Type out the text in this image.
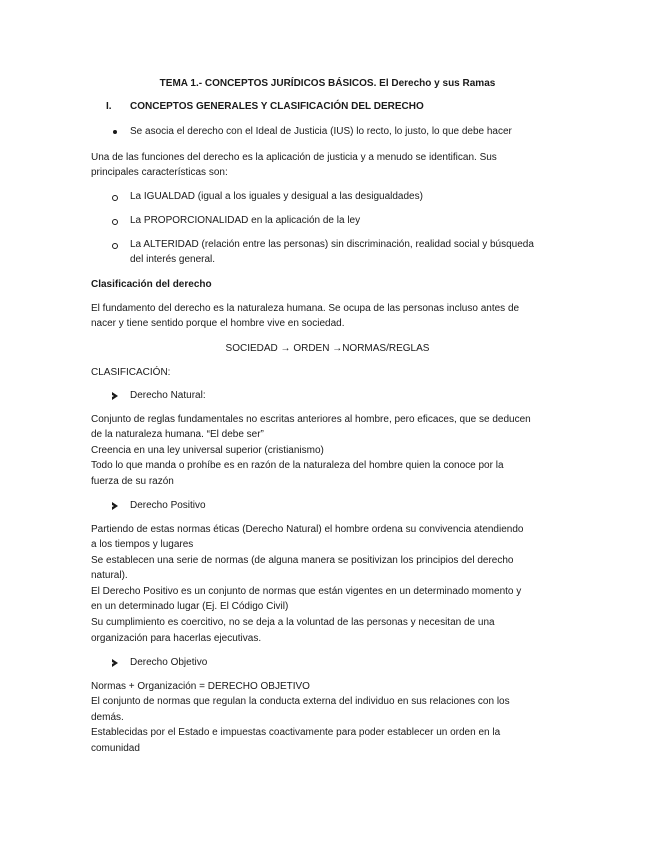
TEMA 1.- CONCEPTOS JURÍDICOS BÁSICOS. El Derecho y sus Ramas
I. CONCEPTOS GENERALES Y CLASIFICACIÓN DEL DERECHO
Se asocia el derecho con el Ideal de Justicia (IUS) lo recto, lo justo, lo que debe hacer
Una de las funciones del derecho es la aplicación de justicia y a menudo se identifican. Sus
principales características son:
La IGUALDAD (igual a los iguales y desigual a las desigualdades)
La PROPORCIONALIDAD en la aplicación de la ley
La ALTERIDAD (relación entre las personas) sin discriminación, realidad social y búsqueda
del interés general.
Clasificación del derecho
El fundamento del derecho es la naturaleza humana. Se ocupa de las personas incluso antes de
nacer y tiene sentido porque el hombre vive en sociedad.
SOCIEDAD → ORDEN →NORMAS/REGLAS
CLASIFICACIÓN:
Derecho Natural:
Conjunto de reglas fundamentales no escritas anteriores al hombre, pero eficaces, que se deducen
de la naturaleza humana. “El debe ser”
Creencia en una ley universal superior (cristianismo)
Todo lo que manda o prohíbe es en razón de la naturaleza del hombre quien la conoce por la
fuerza de su razón
Derecho Positivo
Partiendo de estas normas éticas (Derecho Natural) el hombre ordena su convivencia atendiendo
a los tiempos y lugares
Se establecen una serie de normas (de alguna manera se positivizan los principios del derecho
natural).
El Derecho Positivo es un conjunto de normas que están vigentes en un determinado momento y
en un determinado lugar (Ej. El Código Civil)
Su cumplimiento es coercitivo, no se deja a la voluntad de las personas y necesitan de una
organización para hacerlas ejecutivas.
Derecho Objetivo
Normas + Organización = DERECHO OBJETIVO
El conjunto de normas que regulan la conducta externa del individuo en sus relaciones con los
demás.
Establecidas por el Estado e impuestas coactivamente para poder establecer un orden en la
comunidad
